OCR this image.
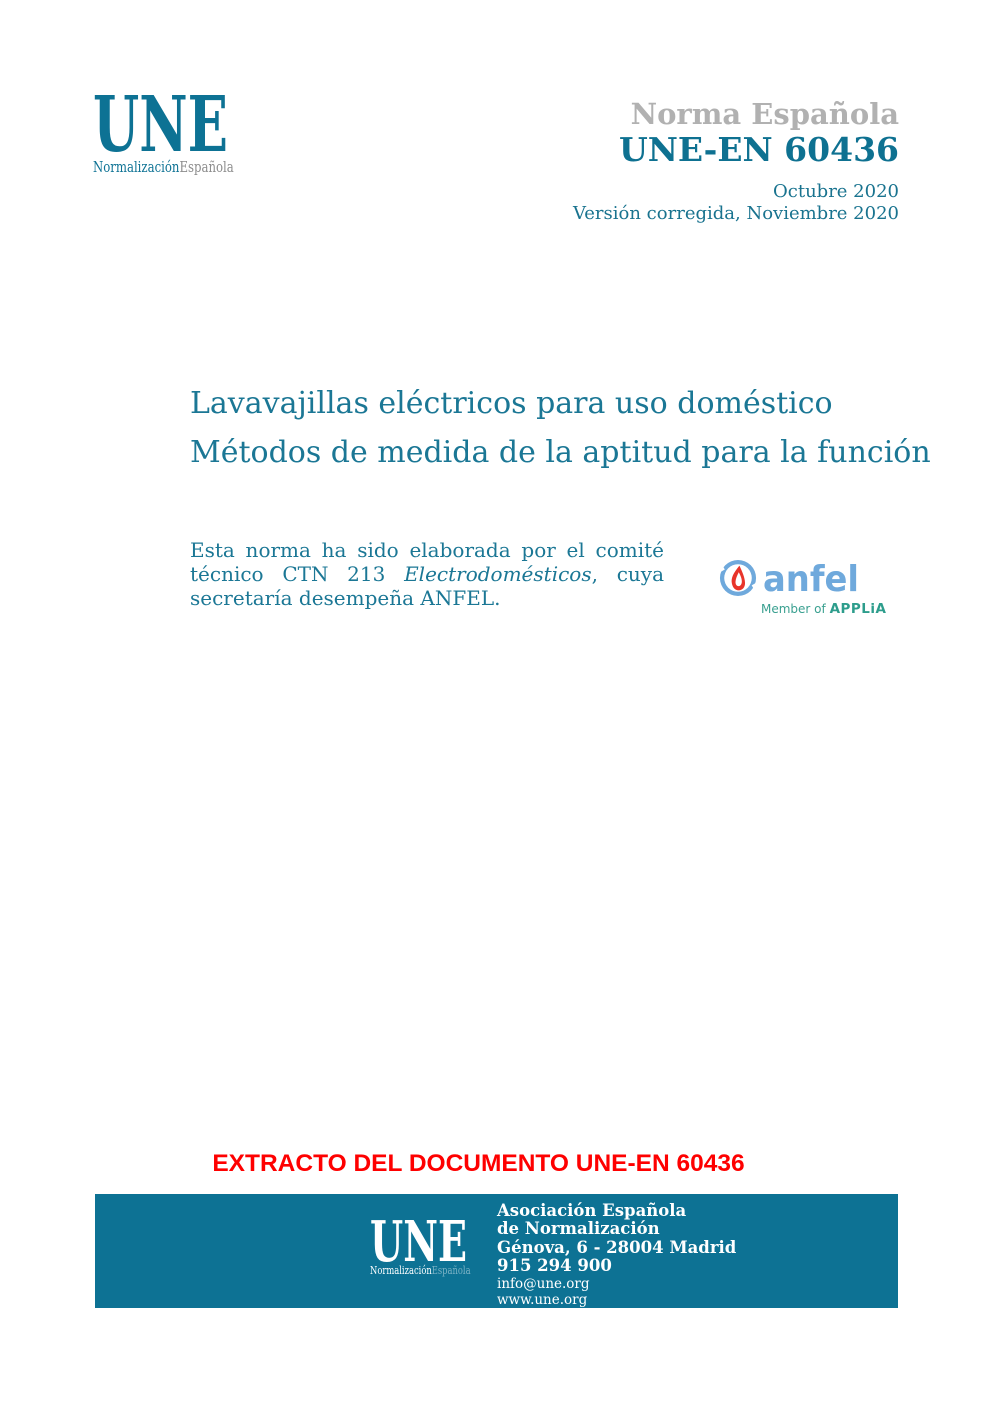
UNE
Normalización Española
Norma Española
UNE-EN 60436
Octubre 2020
Versión corregida, Noviembre 2020
Lavavajillas eléctricos para uso doméstico
Métodos de medida de la aptitud para la función
Esta norma ha sido elaborada por el comité técnico CTN 213 Electrodomésticos, cuya secretaría desempeña ANFEL.	anfel
Member of APPLiA
EXTRACTO DEL DOCUMENTO UNE-EN 60436
UNE
Normalización Española
Asociación Española
de Normalización
Génova, 6 - 28004 Madrid
915 294 900
info@une.org
www.une.org
